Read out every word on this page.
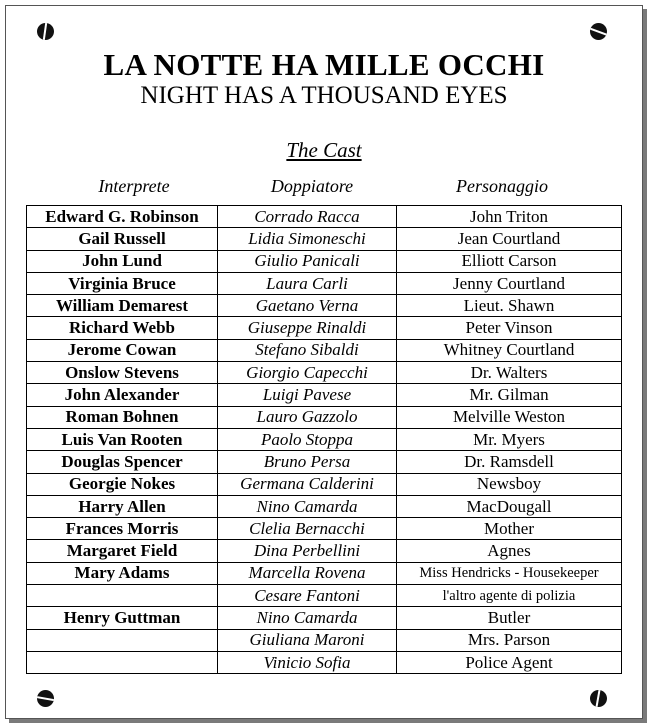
LA NOTTE HA MILLE OCCHI
NIGHT HAS A THOUSAND EYES
The Cast
Interprete	Doppiatore	Personaggio
Edward G. Robinson	Corrado Racca	John Triton
Gail Russell	Lidia Simoneschi	Jean Courtland
John Lund	Giulio Panicali	Elliott Carson
Virginia Bruce	Laura Carli	Jenny Courtland
William Demarest	Gaetano Verna	Lieut. Shawn
Richard Webb	Giuseppe Rinaldi	Peter Vinson
Jerome Cowan	Stefano Sibaldi	Whitney Courtland
Onslow Stevens	Giorgio Capecchi	Dr. Walters
John Alexander	Luigi Pavese	Mr. Gilman
Roman Bohnen	Lauro Gazzolo	Melville Weston
Luis Van Rooten	Paolo Stoppa	Mr. Myers
Douglas Spencer	Bruno Persa	Dr. Ramsdell
Georgie Nokes	Germana Calderini	Newsboy
Harry Allen	Nino Camarda	MacDougall
Frances Morris	Clelia Bernacchi	Mother
Margaret Field	Dina Perbellini	Agnes
Mary Adams	Marcella Rovena	Miss Hendricks - Housekeeper
	Cesare Fantoni	l'altro agente di polizia
Henry Guttman	Nino Camarda	Butler
	Giuliana Maroni	Mrs. Parson
	Vinicio Sofia	Police Agent
